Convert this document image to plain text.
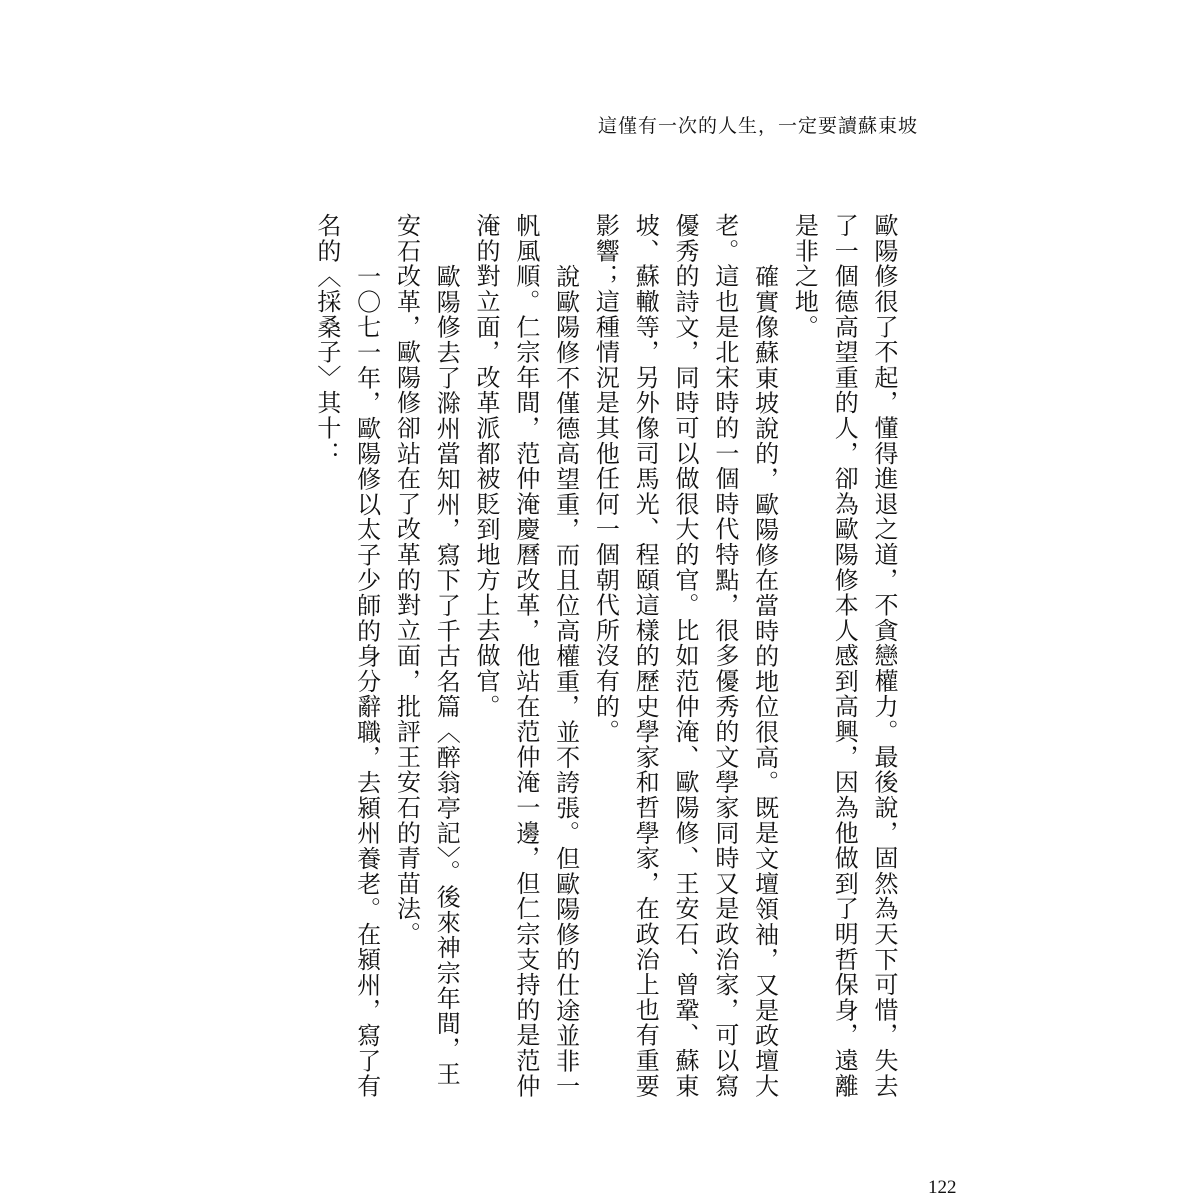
這僅有一次的人生，一定要讀蘇東坡
歐陽修很了不起，懂得進退之道，不貪戀權力。最後說，固然為天下可惜，失去
了一個德高望重的人，卻為歐陽修本人感到高興，因為他做到了明哲保身，遠離
是非之地。
確實像蘇東坡說的，歐陽修在當時的地位很高。既是文壇領袖，又是政壇大
老。這也是北宋時的一個時代特點，很多優秀的文學家同時又是政治家，可以寫
優秀的詩文，同時可以做很大的官。比如范仲淹、歐陽修、王安石、曾鞏、蘇東
坡、蘇轍等，另外像司馬光、程頤這樣的歷史學家和哲學家，在政治上也有重要
影響；這種情況是其他任何一個朝代所沒有的。
說歐陽修不僅德高望重，而且位高權重，並不誇張。但歐陽修的仕途並非一
帆風順。仁宗年間，范仲淹慶曆改革，他站在范仲淹一邊，但仁宗支持的是范仲
淹的對立面，改革派都被貶到地方上去做官。
歐陽修去了滁州當知州，寫下了千古名篇〈醉翁亭記〉。後來神宗年間，王
安石改革，歐陽修卻站在了改革的對立面，批評王安石的青苗法。
一〇七一年，歐陽修以太子少師的身分辭職，去潁州養老。在潁州，寫了有
名的〈採桑子〉其十：
122
